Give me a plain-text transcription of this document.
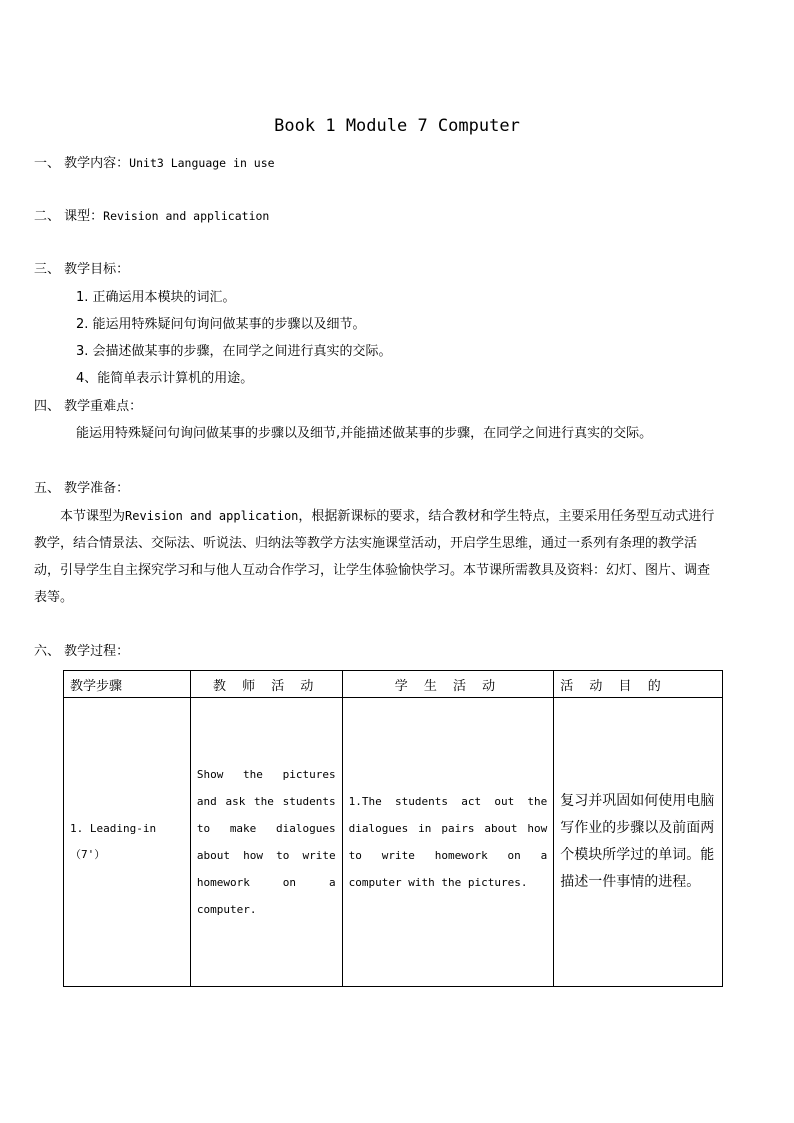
Book 1 Module 7 Computer
一、 教学内容：Unit3 Language in use
二、 课型：Revision and application
三、 教学目标：
1. 正确运用本模块的词汇。
2. 能运用特殊疑问句询问做某事的步骤以及细节。
3. 会描述做某事的步骤，在同学之间进行真实的交际。
4、能简单表示计算机的用途。
四、 教学重难点：
能运用特殊疑问句询问做某事的步骤以及细节,并能描述做某事的步骤，在同学之间进行真实的交际。
五、 教学准备：
本节课型为Revision and application，根据新课标的要求，结合教材和学生特点，主要采用任务型互动式进行教学，结合情景法、交际法、听说法、归纳法等教学方法实施课堂活动，开启学生思维，通过一系列有条理的教学活动，引导学生自主探究学习和与他人互动合作学习，让学生体验愉快学习。本节课所需教具及资料：幻灯、图片、调查表等。
六、 教学过程：
教学步骤	教 师 活 动	学 生 活 动	活 动 目 的

1. Leading-in
（7'）	Show the pictures and ask the students to make dialogues about how to write homework on a computer.	1.The students act out the dialogues in pairs about how to write homework on a computer with the pictures.	复习并巩固如何使用电脑写作业的步骤以及前面两个模块所学过的单词。能描述一件事情的进程。
